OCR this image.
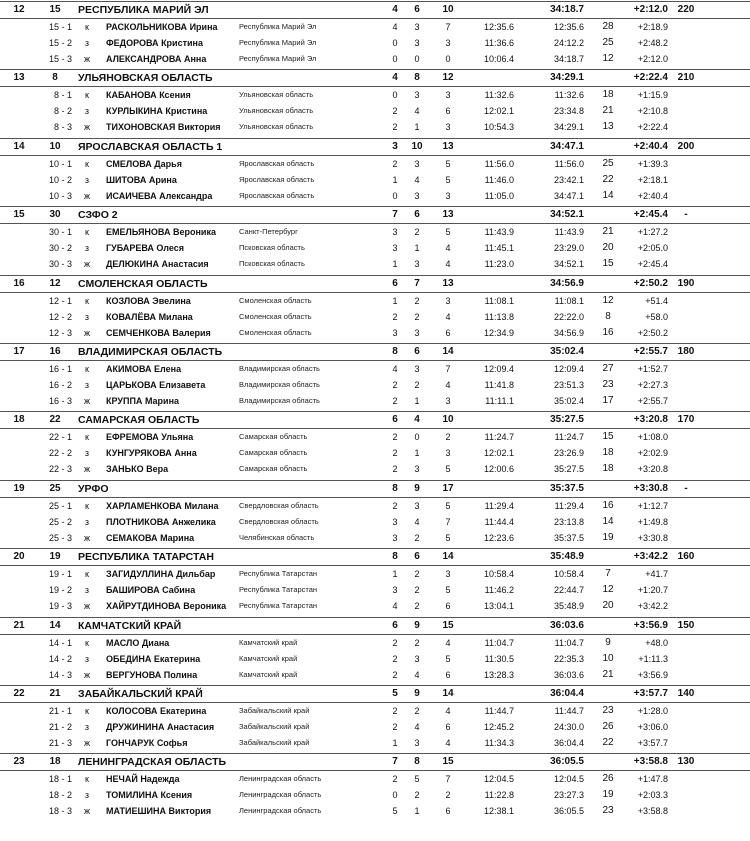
12	15	РЕСПУБЛИКА МАРИЙ ЭЛ	4	6	10	34:18.7	+2:12.0 220
15 - 1	к	РАСКОЛЬНИКОВА Ирина	Республика Марий Эл	4	3	7	12:35.6	12:35.6	28	+2:18.9
15 - 2	з	ФЕДОРОВА Кристина	Республика Марий Эл	0	3	3	11:36.6	24:12.2	25	+2:48.2
15 - 3	ж	АЛЕКСАНДРОВА Анна	Республика Марий Эл	0	0	0	10:06.4	34:18.7	12	+2:12.0
13	8	УЛЬЯНОВСКАЯ ОБЛАСТЬ	4	8	12	34:29.1	+2:22.4 210
8 - 1	к	КАБАНОВА Ксения	Ульяновская область	0	3	3	11:32.6	11:32.6	18	+1:15.9
8 - 2	з	КУРЛЫКИНА Кристина	Ульяновская область	2	4	6	12:02.1	23:34.8	21	+2:10.8
8 - 3	ж	ТИХОНОВСКАЯ Виктория Ульяновская область	2	1	3	10:54.3	34:29.1	13	+2:22.4
14	10	ЯРОСЛАВСКАЯ ОБЛАСТЬ 1	3	10	13	34:47.1	+2:40.4 200
10 - 1	к	СМЕЛОВА Дарья	Ярославская область	2	3	5	11:56.0	11:56.0	25	+1:39.3
10 - 2	з	ШИТОВА Арина	Ярославская область	1	4	5	11:46.0	23:42.1	22	+2:18.1
10 - 3	ж	ИСАИЧЕВА Александра	Ярославская область	0	3	3	11:05.0	34:47.1	14	+2:40.4
15	30	СЗФО 2	7	6	13	34:52.1	+2:45.4	-
30 - 1	к	ЕМЕЛЬЯНОВА Вероника	Санкт-Петербург	3	2	5	11:43.9	11:43.9	21	+1:27.2
30 - 2	з	ГУБАРЕВА Олеся	Псковская область	3	1	4	11:45.1	23:29.0	20	+2:05.0
30 - 3	ж	ДЕЛЮКИНА Анастасия	Псковская область	1	3	4	11:23.0	34:52.1	15	+2:45.4
16	12	СМОЛЕНСКАЯ ОБЛАСТЬ	6	7	13	34:56.9	+2:50.2 190
12 - 1	к	КОЗЛОВА Эвелина	Смоленская область	1	2	3	11:08.1	11:08.1	12	+51.4
12 - 2	з	КОВАЛЁВА Милана	Смоленская область	2	2	4	11:13.8	22:22.0	8	+58.0
12 - 3	ж	СЕМЧЕНКОВА Валерия	Смоленская область	3	3	6	12:34.9	34:56.9	16	+2:50.2
17	16	ВЛАДИМИРСКАЯ ОБЛАСТЬ	8	6	14	35:02.4	+2:55.7 180
16 - 1	к	АКИМОВА Елена	Владимирская область	4	3	7	12:09.4	12:09.4	27	+1:52.7
16 - 2	з	ЦАРЬКОВА Елизавета	Владимирская область	2	2	4	11:41.8	23:51.3	23	+2:27.3
16 - 3	ж	КРУППА Марина	Владимирская область	2	1	3	11:11.1	35:02.4	17	+2:55.7
18	22	САМАРСКАЯ ОБЛАСТЬ	6	4	10	35:27.5	+3:20.8 170
22 - 1	к	ЕФРЕМОВА Ульяна	Самарская область	2	0	2	11:24.7	11:24.7	15	+1:08.0
22 - 2	з	КУНГУРЯКОВА Анна	Самарская область	2	1	3	12:02.1	23:26.9	18	+2:02.9
22 - 3	ж	ЗАНЬКО Вера	Самарская область	2	3	5	12:00.6	35:27.5	18	+3:20.8
19	25	УРФО	8	9	17	35:37.5	+3:30.8	-
25 - 1	к	ХАРЛАМЕНКОВА Милана	Свердловская область	2	3	5	11:29.4	11:29.4	16	+1:12.7
25 - 2	з	ПЛОТНИКОВА Анжелика	Свердловская область	3	4	7	11:44.4	23:13.8	14	+1:49.8
25 - 3	ж	СЕМАКОВА Марина	Челябинская область	3	2	5	12:23.6	35:37.5	19	+3:30.8
20	19	РЕСПУБЛИКА ТАТАРСТАН	8	6	14	35:48.9	+3:42.2 160
19 - 1	к	ЗАГИДУЛЛИНА Дильбар	Республика Татарстан	1	2	3	10:58.4	10:58.4	7	+41.7
19 - 2	з	БАШИРОВА Сабина	Республика Татарстан	3	2	5	11:46.2	22:44.7	12	+1:20.7
19 - 3	ж	ХАЙРУТДИНОВА Вероника Республика Татарстан	4	2	6	13:04.1	35:48.9	20	+3:42.2
21	14	КАМЧАТСКИЙ КРАЙ	6	9	15	36:03.6	+3:56.9 150
14 - 1	к	МАСЛО Диана	Камчатский край	2	2	4	11:04.7	11:04.7	9	+48.0
14 - 2	з	ОБЕДИНА Екатерина	Камчатский край	2	3	5	11:30.5	22:35.3	10	+1:11.3
14 - 3	ж	ВЕРГУНОВА Полина	Камчатский край	2	4	6	13:28.3	36:03.6	21	+3:56.9
22	21	ЗАБАЙКАЛЬСКИЙ КРАЙ	5	9	14	36:04.4	+3:57.7 140
21 - 1	к	КОЛОСОВА Екатерина	Забайкальский край	2	2	4	11:44.7	11:44.7	23	+1:28.0
21 - 2	з	ДРУЖИНИНА Анастасия	Забайкальский край	2	4	6	12:45.2	24:30.0	26	+3:06.0
21 - 3	ж	ГОНЧАРУК Софья	Забайкальский край	1	3	4	11:34.3	36:04.4	22	+3:57.7
23	18	ЛЕНИНГРАДСКАЯ ОБЛАСТЬ	7	8	15	36:05.5	+3:58.8 130
18 - 1	к	НЕЧАЙ Надежда	Ленинградская область	2	5	7	12:04.5	12:04.5	26	+1:47.8
18 - 2	з	ТОМИЛИНА Ксения	Ленинградская область	0	2	2	11:22.8	23:27.3	19	+2:03.3
18 - 3	ж	МАТИЕШИНА Виктория	Ленинградская область	5	1	6	12:38.1	36:05.5	23	+3:58.8
